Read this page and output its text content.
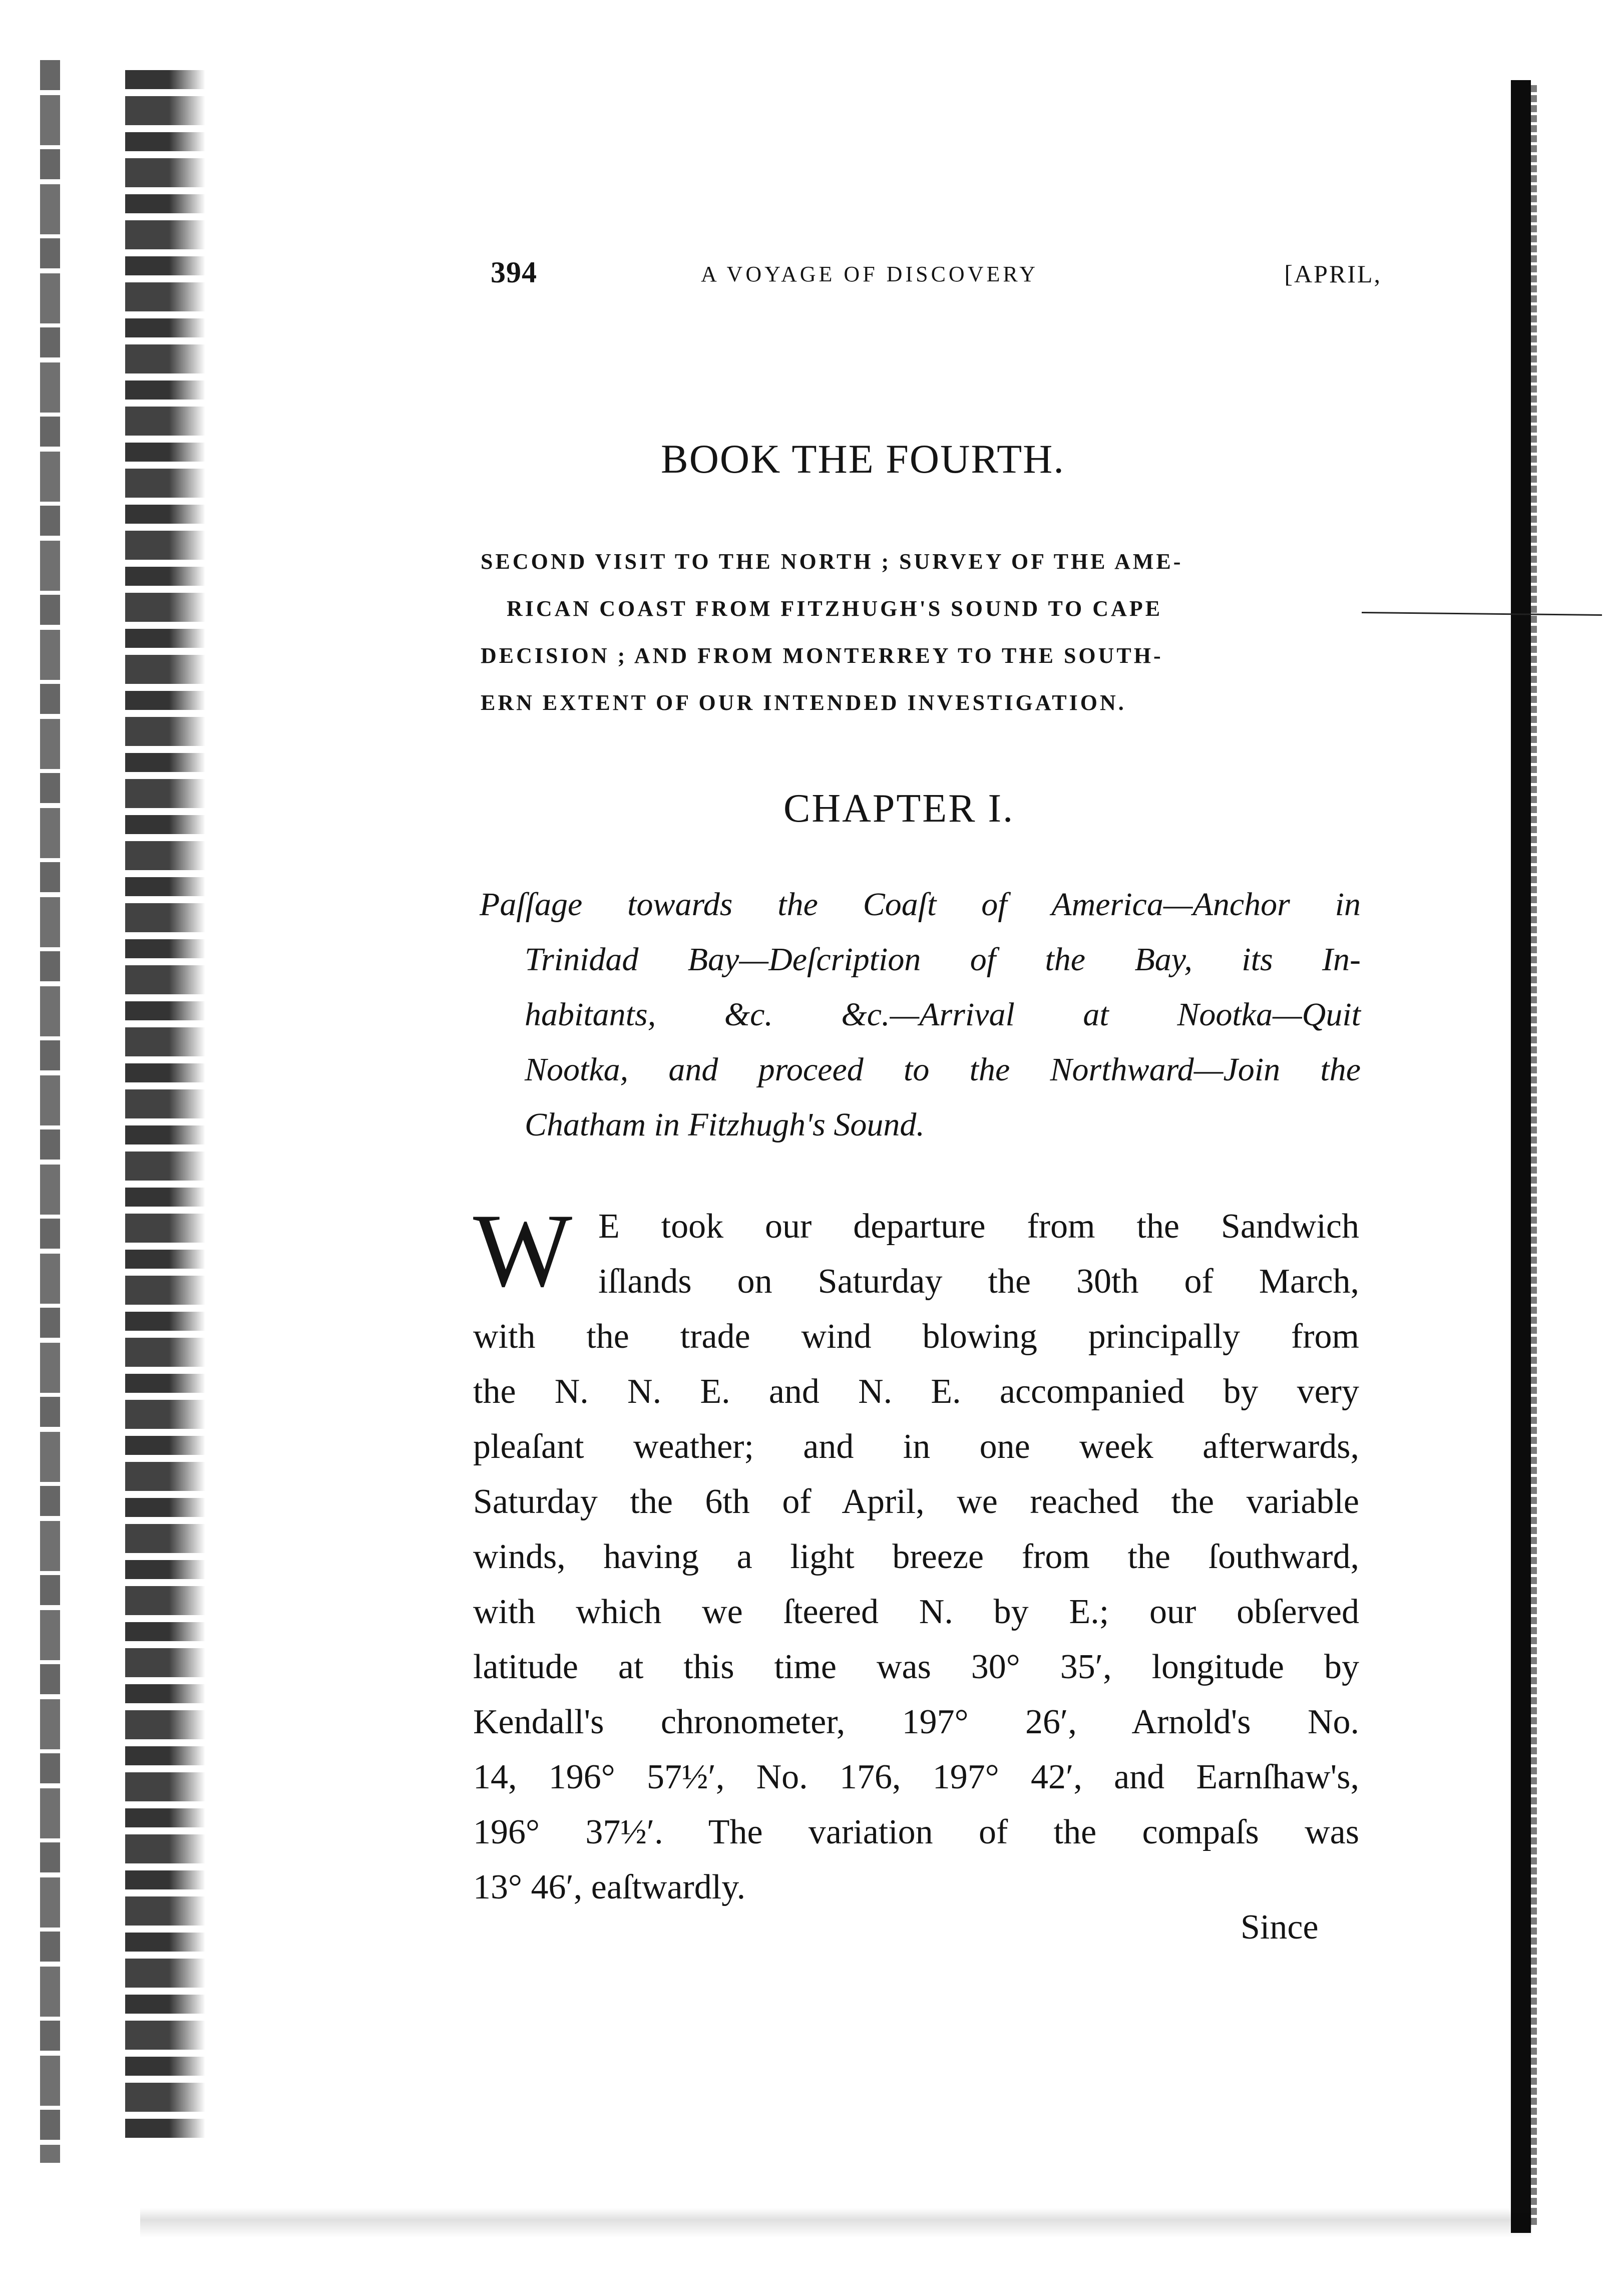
394	A VOYAGE OF DISCOVERY	[APRIL,
BOOK THE FOURTH.
SECOND VISIT TO THE NORTH ; SURVEY OF THE AME-
RICAN COAST FROM FITZHUGH'S SOUND TO CAPE
DECISION ; AND FROM MONTERREY TO THE SOUTH-
ERN EXTENT OF OUR INTENDED INVESTIGATION.
CHAPTER I.
Paſſage towards the Coaſt of America—Anchor in
Trinidad Bay—Deſcription of the Bay, its In-
habitants, &c. &c.—Arrival at Nootka—Quit
Nootka, and proceed to the Northward—Join the
Chatham in Fitzhugh's Sound.
W E took our departure from the Sandwich
iſlands on Saturday the 30th of March,
with the trade wind blowing principally from
the N. N. E. and N. E. accompanied by very
pleaſant weather; and in one week afterwards,
Saturday the 6th of April, we reached the variable
winds, having a light breeze from the ſouthward,
with which we ſteered N. by E.; our obſerved
latitude at this time was 30° 35′, longitude by
Kendall's chronometer, 197° 26′, Arnold's No.
14, 196° 57½′, No. 176, 197° 42′, and Earnſhaw's,
196° 37½′. The variation of the compaſs was
13° 46′, eaſtwardly.
Since
